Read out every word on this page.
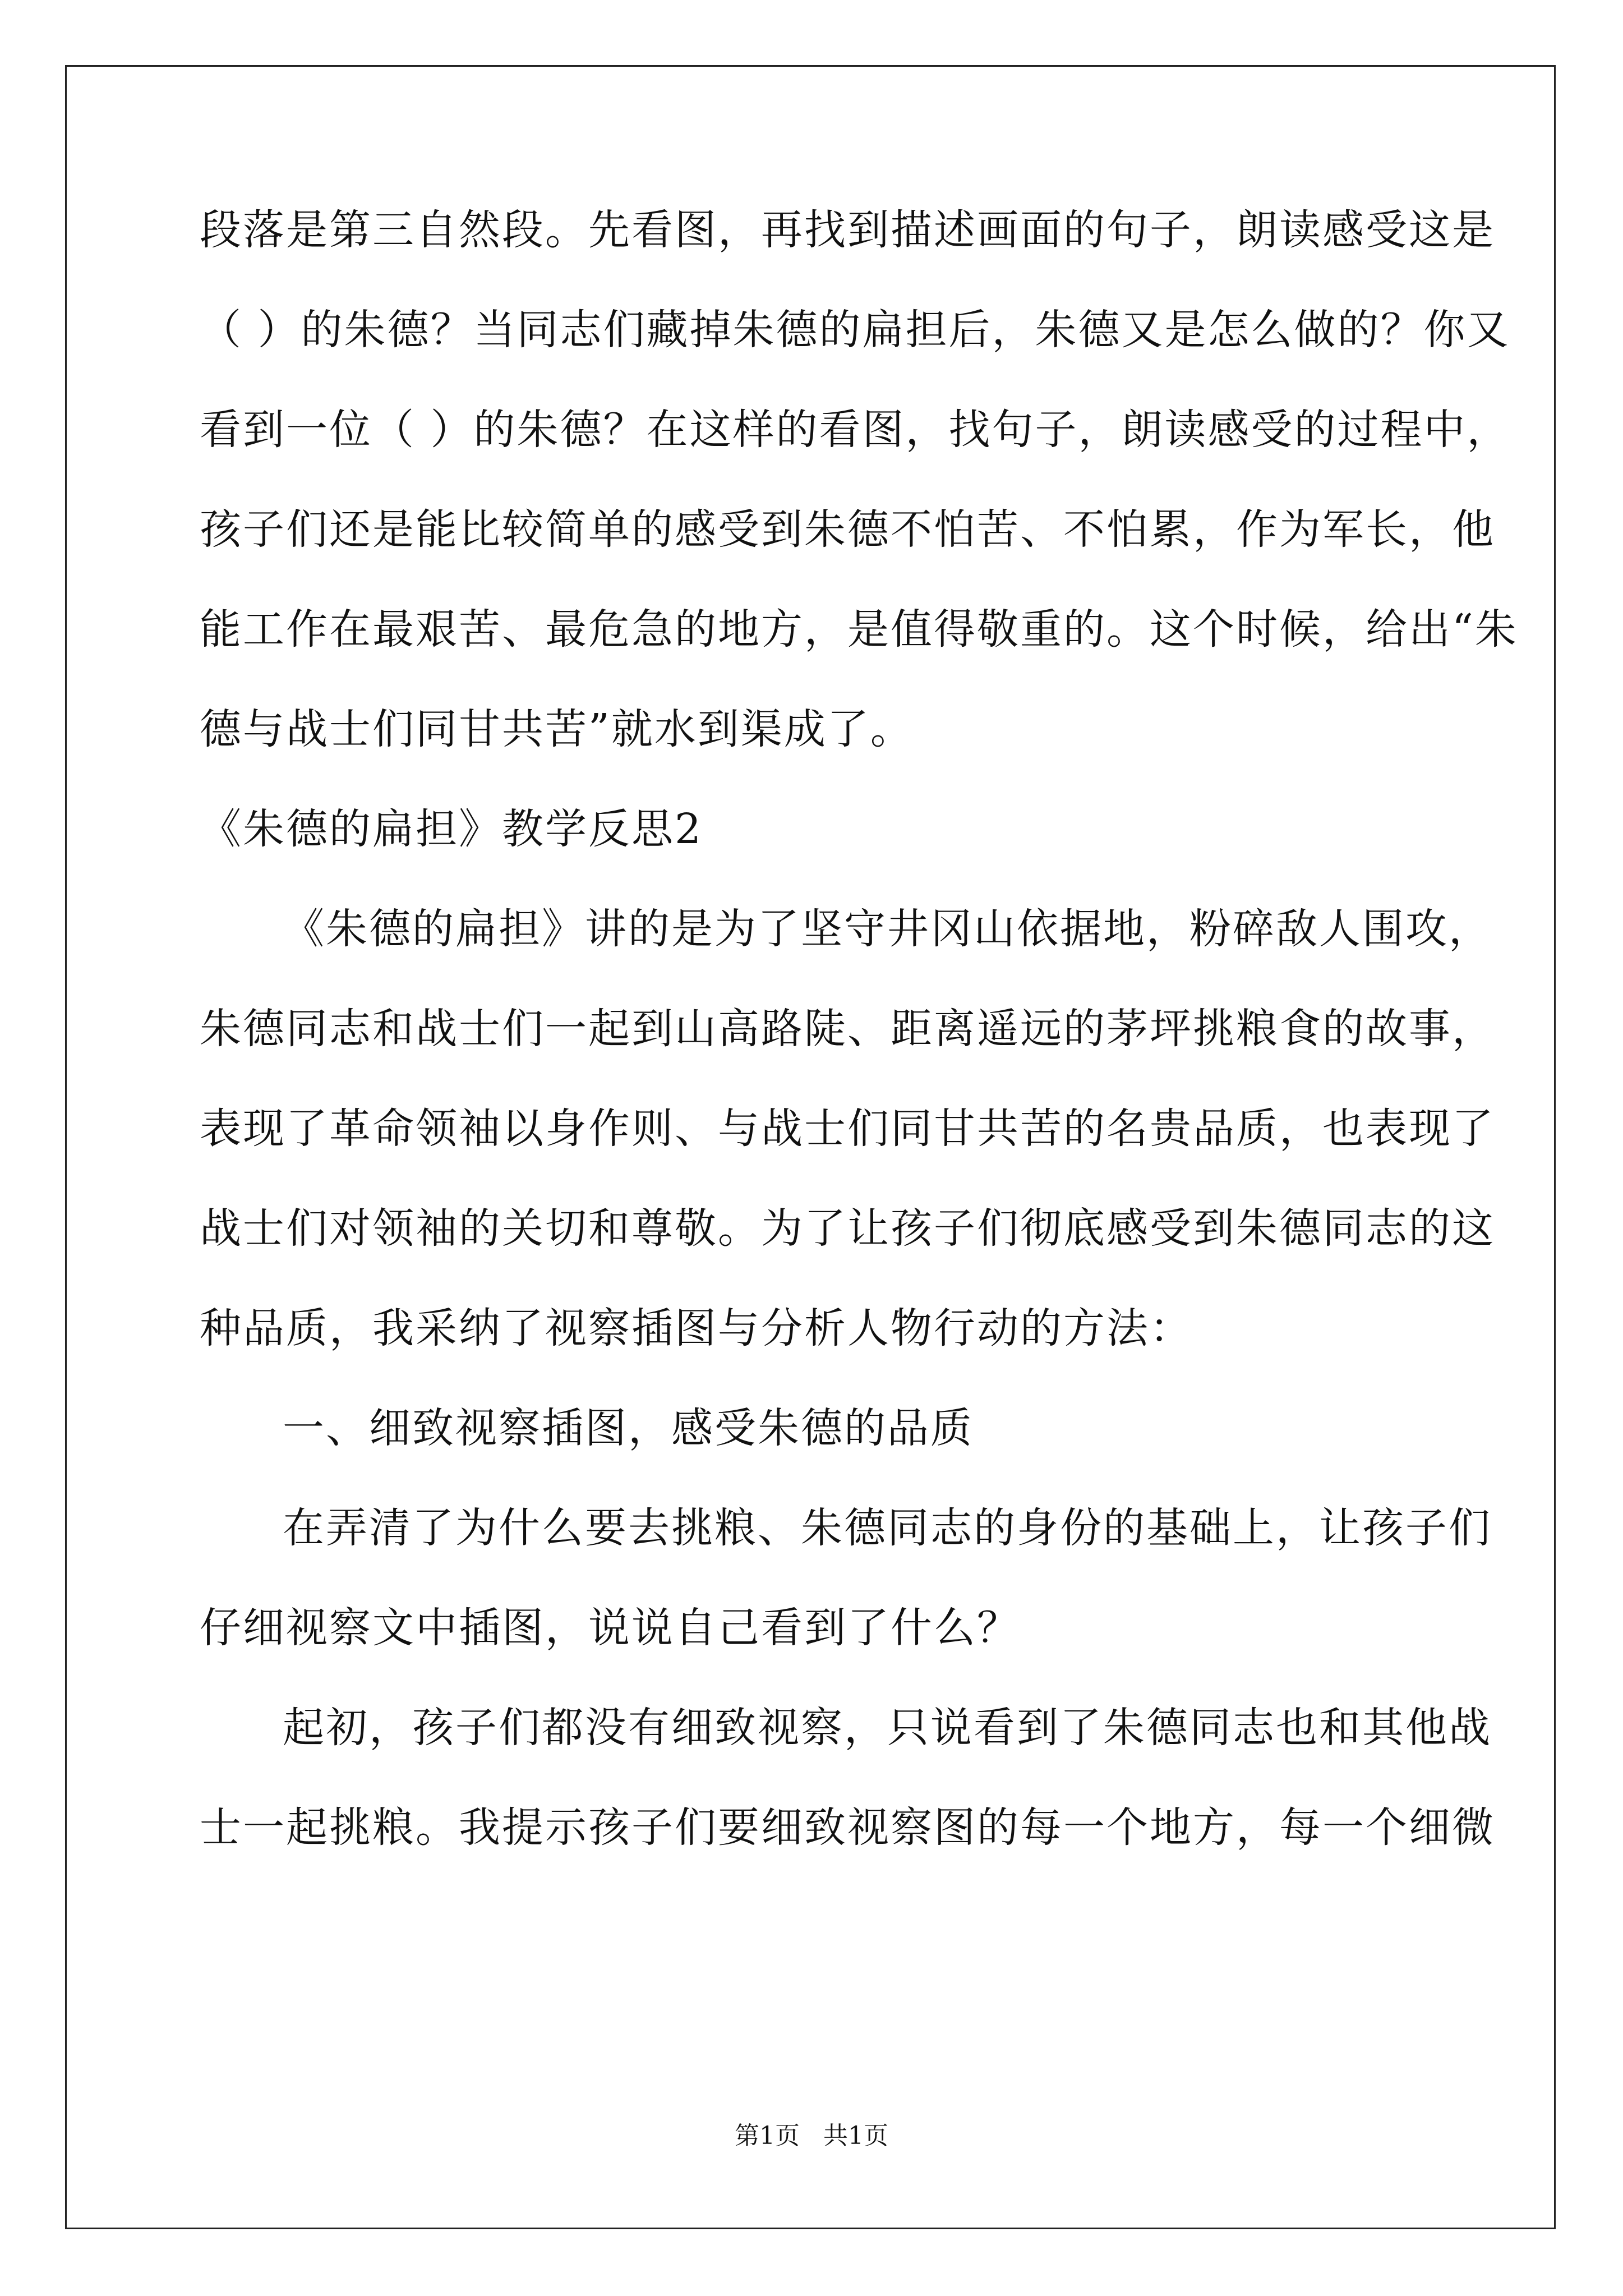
段落是第三自然段。先看图，再找到描述画面的句子，朗读感受这是
（ ）的朱德？当同志们藏掉朱德的扁担后，朱德又是怎么做的？你又
看到一位（ ）的朱德？在这样的看图，找句子，朗读感受的过程中，
孩子们还是能比较简单的感受到朱德不怕苦、不怕累，作为军长，他
能工作在最艰苦、最危急的地方，是值得敬重的。这个时候，给出“朱
德与战士们同甘共苦”就水到渠成了。
《朱德的扁担》教学反思2
《朱德的扁担》讲的是为了坚守井冈山依据地，粉碎敌人围攻，
朱德同志和战士们一起到山高路陡、距离遥远的茅坪挑粮食的故事，
表现了革命领袖以身作则、与战士们同甘共苦的名贵品质，也表现了
战士们对领袖的关切和尊敬。为了让孩子们彻底感受到朱德同志的这
种品质，我采纳了视察插图与分析人物行动的方法：
一、细致视察插图，感受朱德的品质
在弄清了为什么要去挑粮、朱德同志的身份的基础上，让孩子们
仔细视察文中插图，说说自己看到了什么？
起初，孩子们都没有细致视察，只说看到了朱德同志也和其他战
士一起挑粮。我提示孩子们要细致视察图的每一个地方，每一个细微
第1页   共1页
